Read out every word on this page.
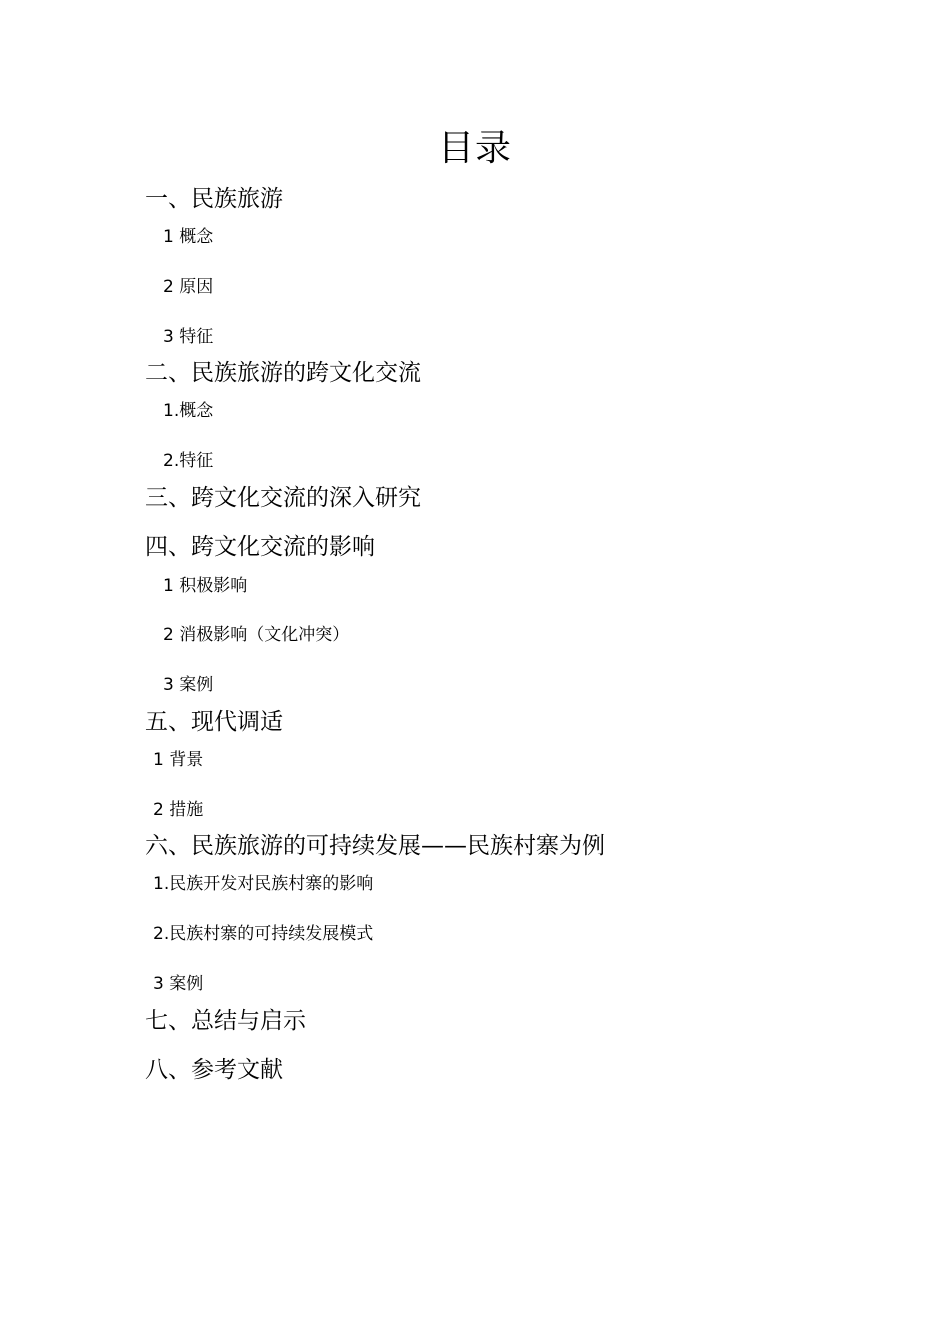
目录
一、民族旅游
1 概念
2 原因
3 特征
二、民族旅游的跨文化交流
1.概念
2.特征
三、跨文化交流的深入研究
四、跨文化交流的影响
1 积极影响
2 消极影响（文化冲突）
3 案例
五、现代调适
1 背景
2 措施
六、民族旅游的可持续发展——民族村寨为例
1.民族开发对民族村寨的影响
2.民族村寨的可持续发展模式
3 案例
七、总结与启示
八、参考文献
